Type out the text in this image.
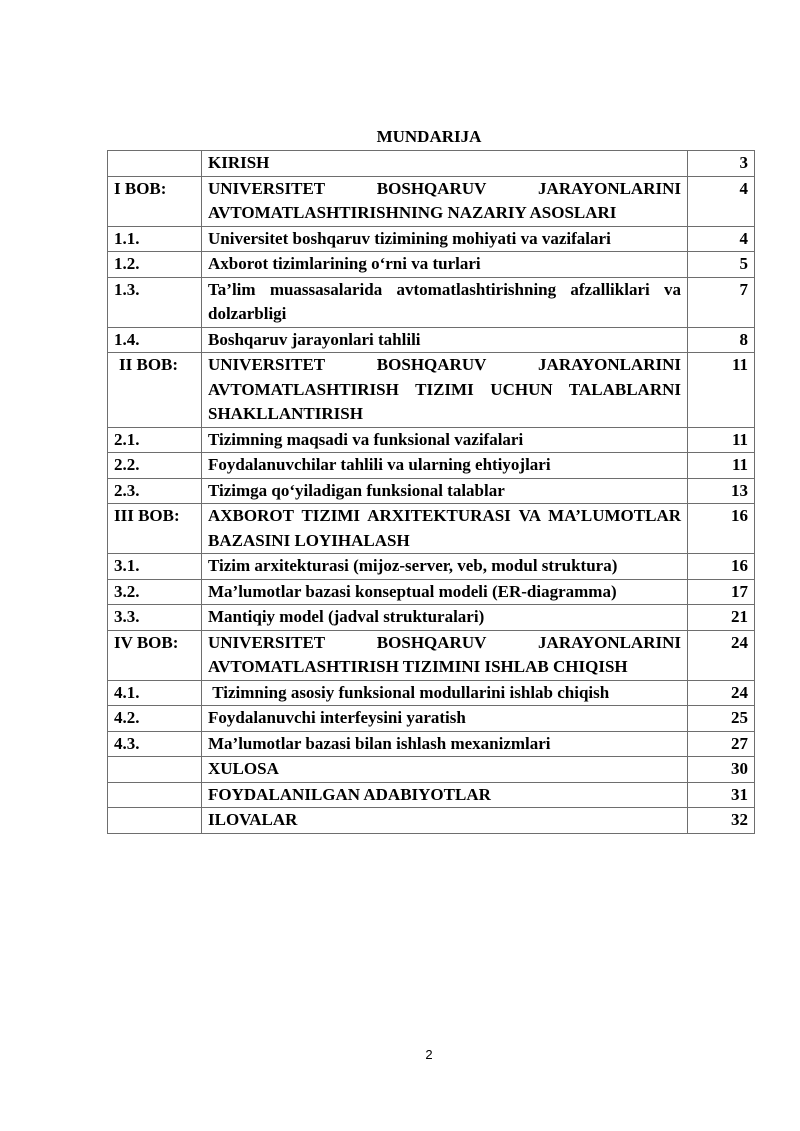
MUNDARIJA
	KIRISH	3
I BOB:	UNIVERSITET BOSHQARUV JARAYONLARINI AVTOMATLASHTIRISHNING NAZARIY ASOSLARI	4
1.1.	Universitet boshqaruv tizimining mohiyati va vazifalari	4
1.2.	Axborot tizimlarining o‘rni va turlari	5
1.3.	Ta’lim muassasalarida avtomatlashtirishning afzalliklari va dolzarbligi	7
1.4.	Boshqaruv jarayonlari tahlili	8
II BOB:	UNIVERSITET BOSHQARUV JARAYONLARINI AVTOMATLASHTIRISH TIZIMI UCHUN TALABLARNI SHAKLLANTIRISH	11
2.1.	Tizimning maqsadi va funksional vazifalari	11
2.2.	Foydalanuvchilar tahlili va ularning ehtiyojlari	11
2.3.	Tizimga qo‘yiladigan funksional talablar	13
III BOB:	AXBOROT TIZIMI ARXITEKTURASI VA MA’LUMOTLAR BAZASINI LOYIHALASH	16
3.1.	Tizim arxitekturasi (mijoz-server, veb, modul struktura)	16
3.2.	Ma’lumotlar bazasi konseptual modeli (ER-diagramma)	17
3.3.	Mantiqiy model (jadval strukturalari)	21
IV BOB:	UNIVERSITET BOSHQARUV JARAYONLARINI AVTOMATLASHTIRISH TIZIMINI ISHLAB CHIQISH	24
4.1.	Tizimning asosiy funksional modullarini ishlab chiqish	24
4.2.	Foydalanuvchi interfeysini yaratish	25
4.3.	Ma’lumotlar bazasi bilan ishlash mexanizmlari	27
	XULOSA	30
	FOYDALANILGAN ADABIYOTLAR	31
	ILOVALAR	32
2
